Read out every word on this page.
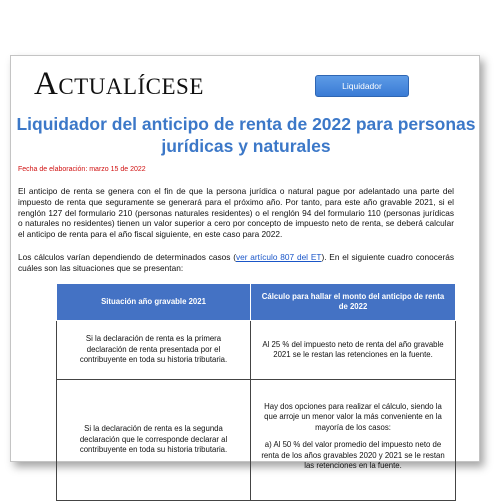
Actualícese	Liquidador
Liquidador del anticipo de renta de 2022 para personas jurídicas y naturales
Fecha de elaboración: marzo 15 de 2022
El anticipo de renta se genera con el fin de que la persona jurídica o natural pague por adelantado una parte del impuesto de renta que seguramente se generará para el próximo año. Por tanto, para este año gravable 2021, si el renglón 127 del formulario 210 (personas naturales residentes) o el renglón 94 del formulario 110 (personas jurídicas o naturales no residentes) tienen un valor superior a cero por concepto de impuesto neto de renta, se deberá calcular el anticipo de renta para el año fiscal siguiente, en este caso para 2022.
Los cálculos varían dependiendo de determinados casos (ver artículo 807 del ET). En el siguiente cuadro conocerás cuáles son las situaciones que se presentan:
Situación año gravable 2021	Cálculo para hallar el monto del anticipo de renta de 2022
Si la declaración de renta es la primera declaración de renta presentada por el contribuyente en toda su historia tributaria.	Al 25 % del impuesto neto de renta del año gravable 2021 se le restan las retenciones en la fuente.
Si la declaración de renta es la segunda declaración que le corresponde declarar al contribuyente en toda su historia tributaria.	Hay dos opciones para realizar el cálculo, siendo la que arroje un menor valor la más conveniente en la mayoría de los casos:

a) Al 50 % del valor promedio del impuesto neto de renta de los años gravables 2020 y 2021 se le restan las retenciones en la fuente.
